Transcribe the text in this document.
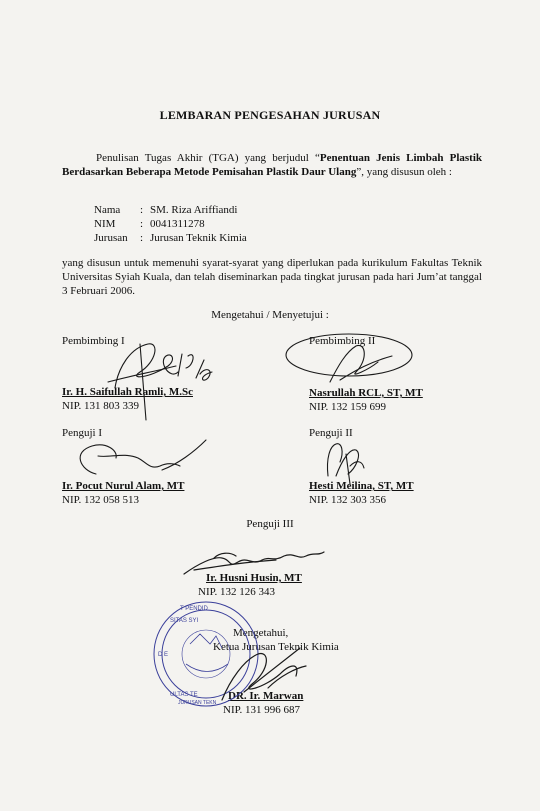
LEMBARAN PENGESAHAN JURUSAN
Penulisan Tugas Akhir (TGA) yang berjudul “Penentuan Jenis Limbah Plastik Berdasarkan Beberapa Metode Pemisahan Plastik Daur Ulang”, yang disusun oleh :
Nama	: SM. Riza Ariffiandi
NIM	: 0041311278
Jurusan	: Jurusan Teknik Kimia
yang disusun untuk memenuhi syarat-syarat yang diperlukan pada kurikulum Fakultas Teknik Universitas Syiah Kuala, dan telah diseminarkan pada tingkat jurusan pada hari Jum’at tanggal 3 Februari 2006.
Mengetahui / Menyetujui :
Pembimbing I
Ir. H. Saifullah Ramli, M.Sc
NIP. 131 803 339
Pembimbing II
Nasrullah RCL, ST, MT
NIP. 132 159 699
Penguji I
Ir. Pocut Nurul Alam, MT
NIP. 132 058 513
Penguji II
Hesti Meilina, ST, MT
NIP. 132 303 356
Penguji III
Ir. Husni Husin, MT
NIP. 132 126 343
Mengetahui,
Ketua Jurusan Teknik Kimia
DR. Ir. Marwan
NIP. 131 996 687
T PENDID
SITAS SYI
D E
ULTAS TE
JURUSAN TEKN
